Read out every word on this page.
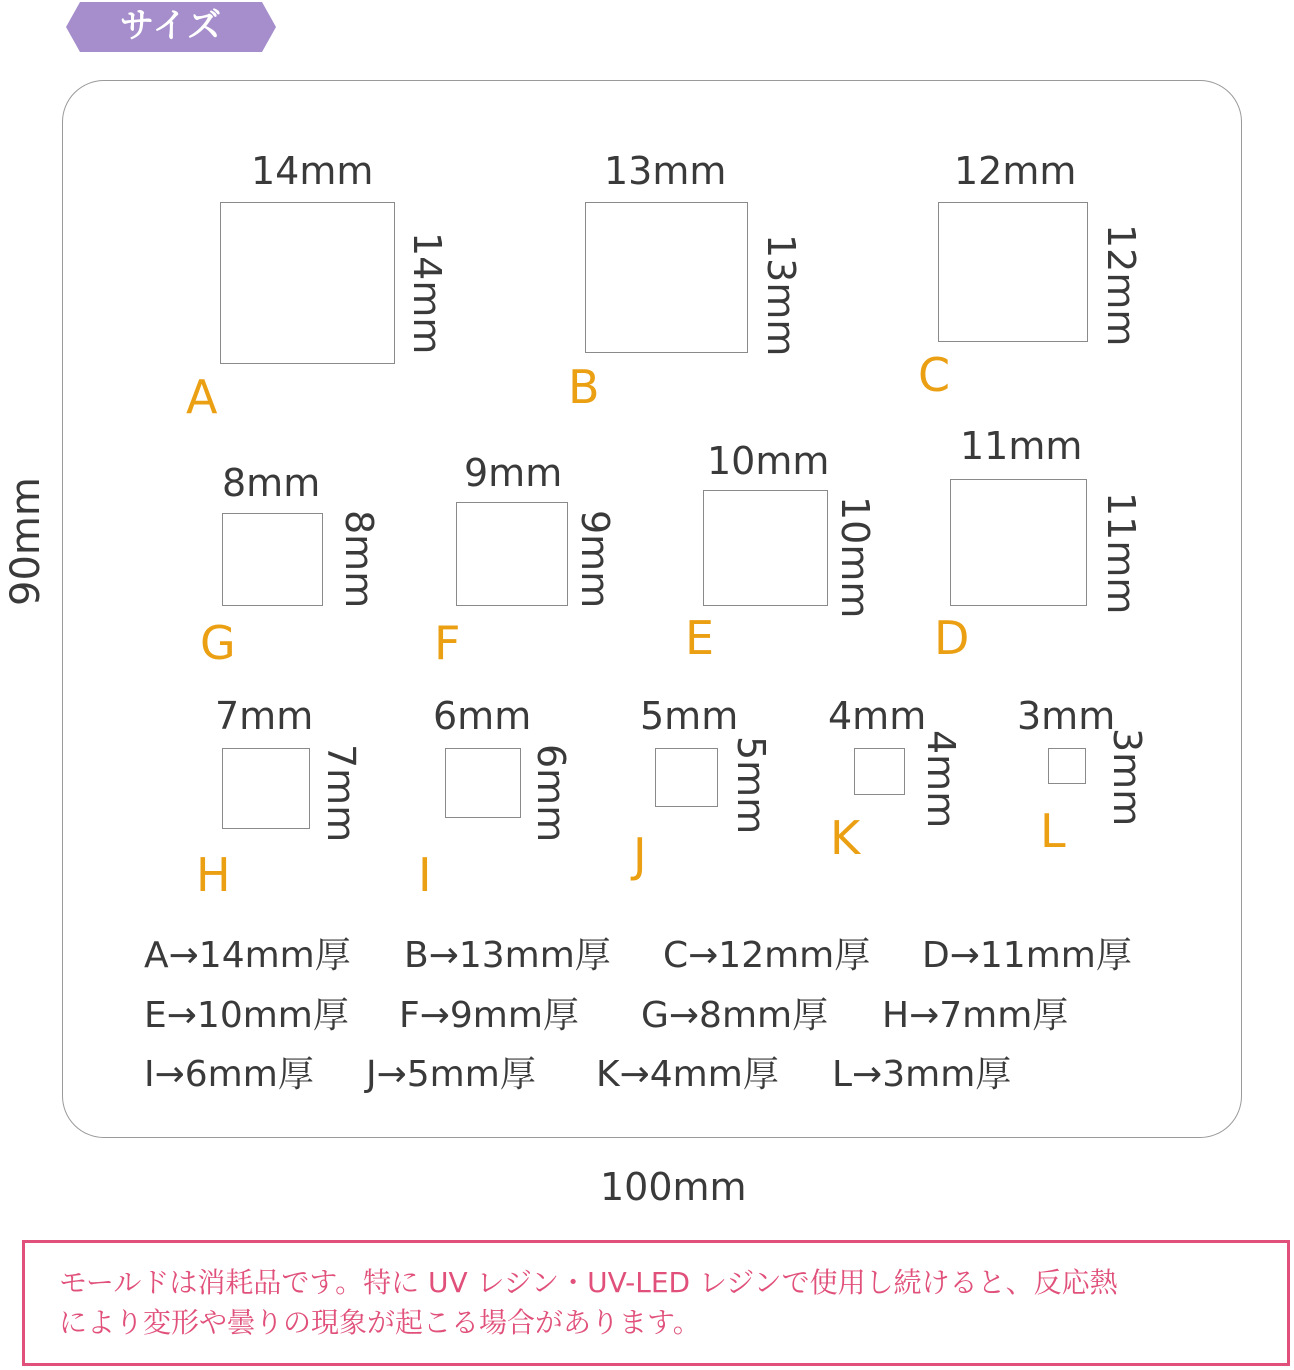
サイズ
90mm
100mm
14mm
14mm
A
13mm
13mm
B
12mm
12mm
C
8mm
8mm
G
9mm
9mm
F
10mm
10mm
E
11mm
11mm
D
7mm
7mm
H
6mm
6mm
I
5mm
5mm
J
4mm
4mm
K
3mm
3mm
L
A→14mm厚 B→13mm厚 C→12mm厚 D→11mm厚
E→10mm厚 F→9mm厚 G→8mm厚 H→7mm厚
I→6mm厚 J→5mm厚 K→4mm厚 L→3mm厚

モールドは消耗品です。特に UV レジン・UV-LED レジンで使用し続けると、反応熱

により変形や曇りの現象が起こる場合があります。
